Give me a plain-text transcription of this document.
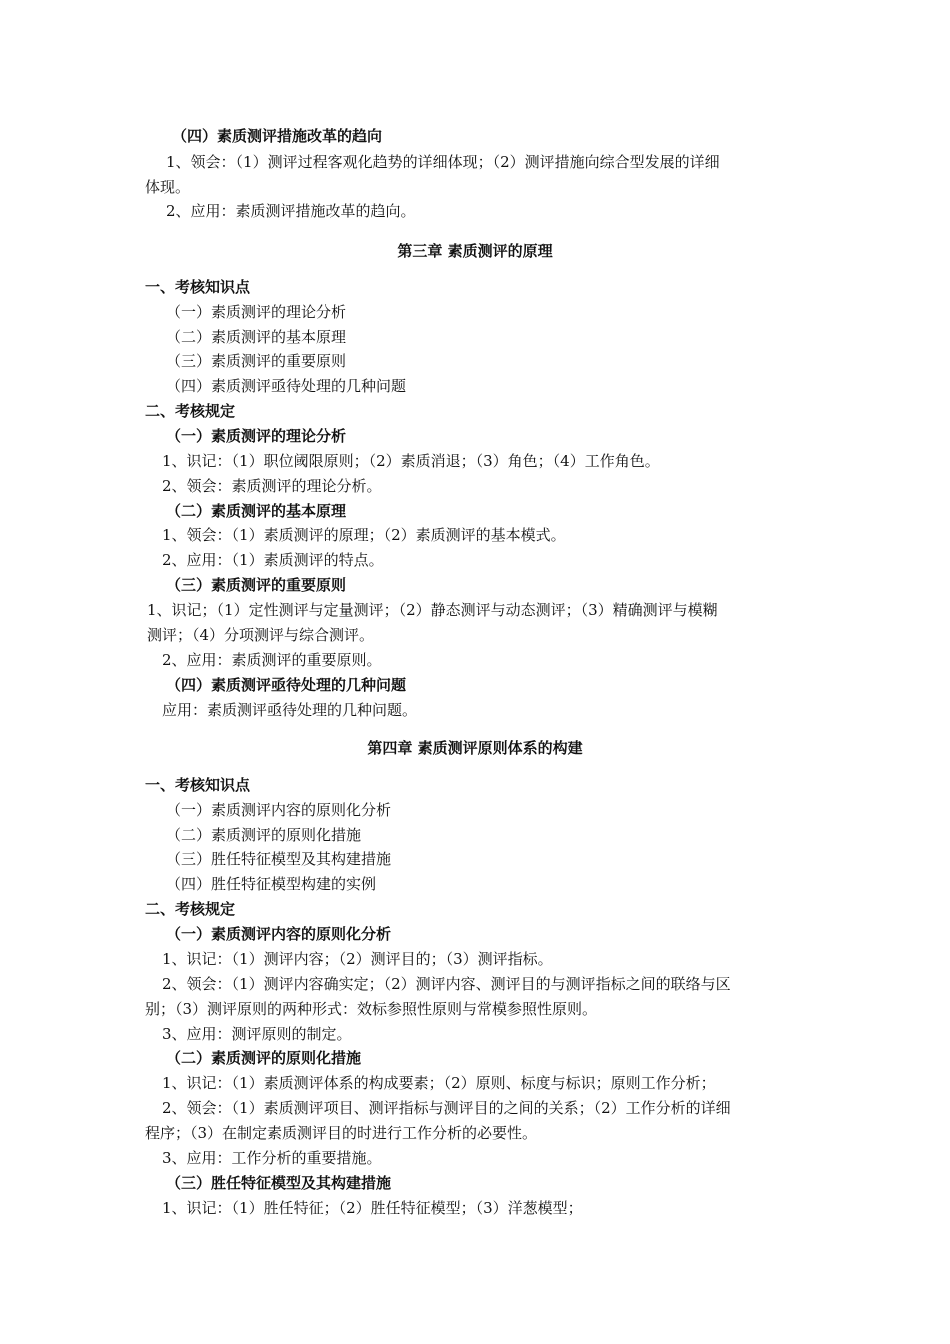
（四）素质测评措施改革的趋向
1、领会：（1）测评过程客观化趋势的详细体现；（2）测评措施向综合型发展的详细
体现。
2、应用：素质测评措施改革的趋向。
第三章 素质测评的原理
一、考核知识点
（一）素质测评的理论分析
（二）素质测评的基本原理
（三）素质测评的重要原则
（四）素质测评亟待处理的几种问题
二、考核规定
（一）素质测评的理论分析
1、识记：（1）职位阈限原则；（2）素质消退；（3）角色；（4）工作角色。
2、领会：素质测评的理论分析。
（二）素质测评的基本原理
1、领会：（1）素质测评的原理；（2）素质测评的基本模式。
2、应用：（1）素质测评的特点。
（三）素质测评的重要原则
1、识记；（1）定性测评与定量测评；（2）静态测评与动态测评；（3）精确测评与模糊
测评；（4）分项测评与综合测评。
2、应用：素质测评的重要原则。
（四）素质测评亟待处理的几种问题
应用：素质测评亟待处理的几种问题。
第四章 素质测评原则体系的构建
一、考核知识点
（一）素质测评内容的原则化分析
（二）素质测评的原则化措施
（三）胜任特征模型及其构建措施
（四）胜任特征模型构建的实例
二、考核规定
（一）素质测评内容的原则化分析
1、识记：（1）测评内容；（2）测评目的；（3）测评指标。
2、领会：（1）测评内容确实定；（2）测评内容、测评目的与测评指标之间的联络与区
别；（3）测评原则的两种形式：效标参照性原则与常模参照性原则。
3、应用：测评原则的制定。
（二）素质测评的原则化措施
1、识记：（1）素质测评体系的构成要素；（2）原则、标度与标识；原则工作分析；
2、领会：（1）素质测评项目、测评指标与测评目的之间的关系；（2）工作分析的详细
程序；（3）在制定素质测评目的时进行工作分析的必要性。
3、应用：工作分析的重要措施。
（三）胜任特征模型及其构建措施
1、识记：（1）胜任特征；（2）胜任特征模型；（3）洋葱模型；
